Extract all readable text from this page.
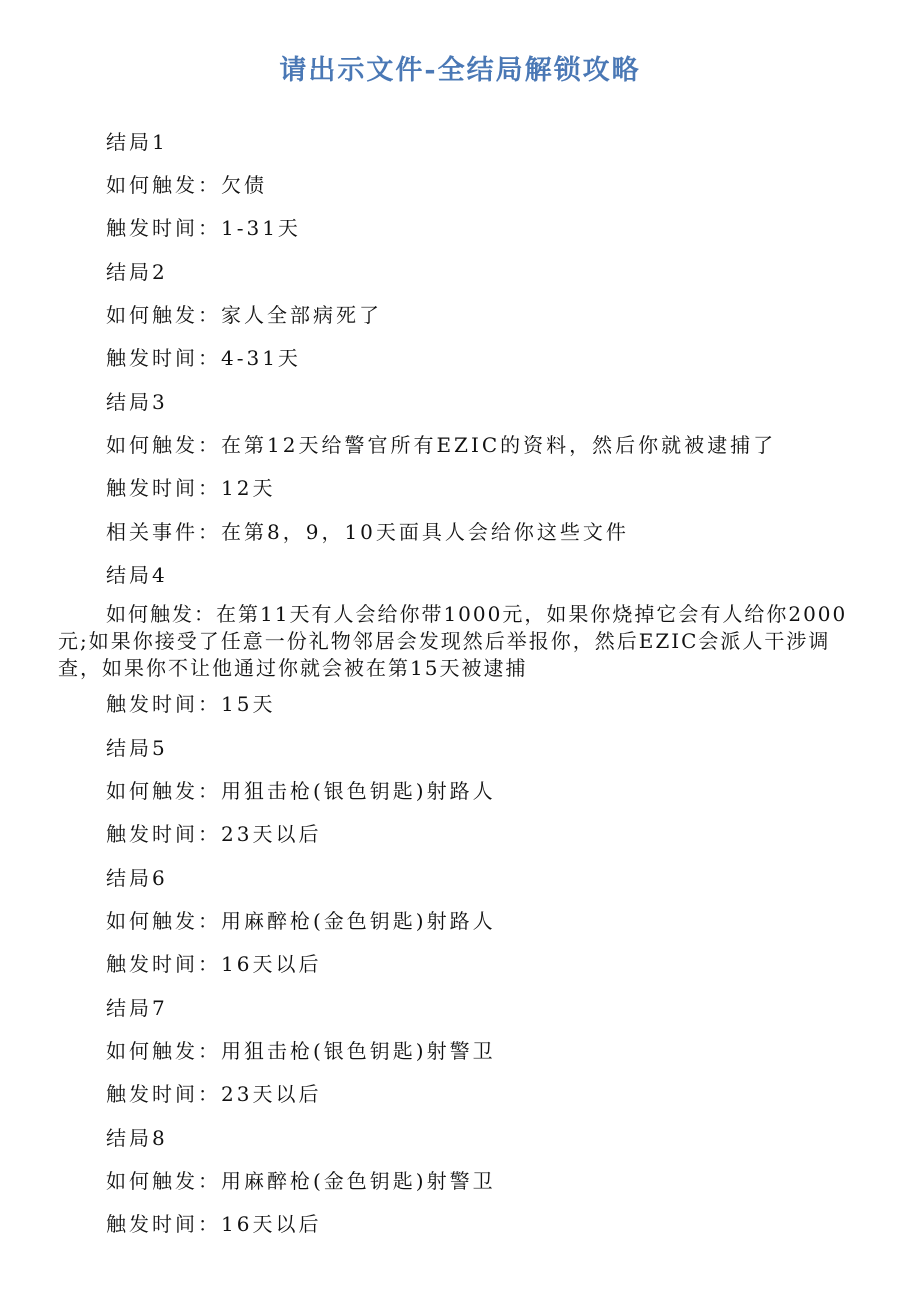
请出示文件-全结局解锁攻略

结局1

如何触发：欠债

触发时间：1-31天

结局2

如何触发：家人全部病死了

触发时间：4-31天

结局3

如何触发：在第12天给警官所有EZIC的资料，然后你就被逮捕了

触发时间：12天

相关事件：在第8，9，10天面具人会给你这些文件

结局4

如何触发：在第11天有人会给你带1000元，如果你烧掉它会有人给你2000元;如果你接受了任意一份礼物邻居会发现然后举报你，然后EZIC会派人干涉调查，如果你不让他通过你就会被在第15天被逮捕

触发时间：15天

结局5

如何触发：用狙击枪(银色钥匙)射路人

触发时间：23天以后

结局6

如何触发：用麻醉枪(金色钥匙)射路人

触发时间：16天以后

结局7

如何触发：用狙击枪(银色钥匙)射警卫

触发时间：23天以后

结局8

如何触发：用麻醉枪(金色钥匙)射警卫

触发时间：16天以后
